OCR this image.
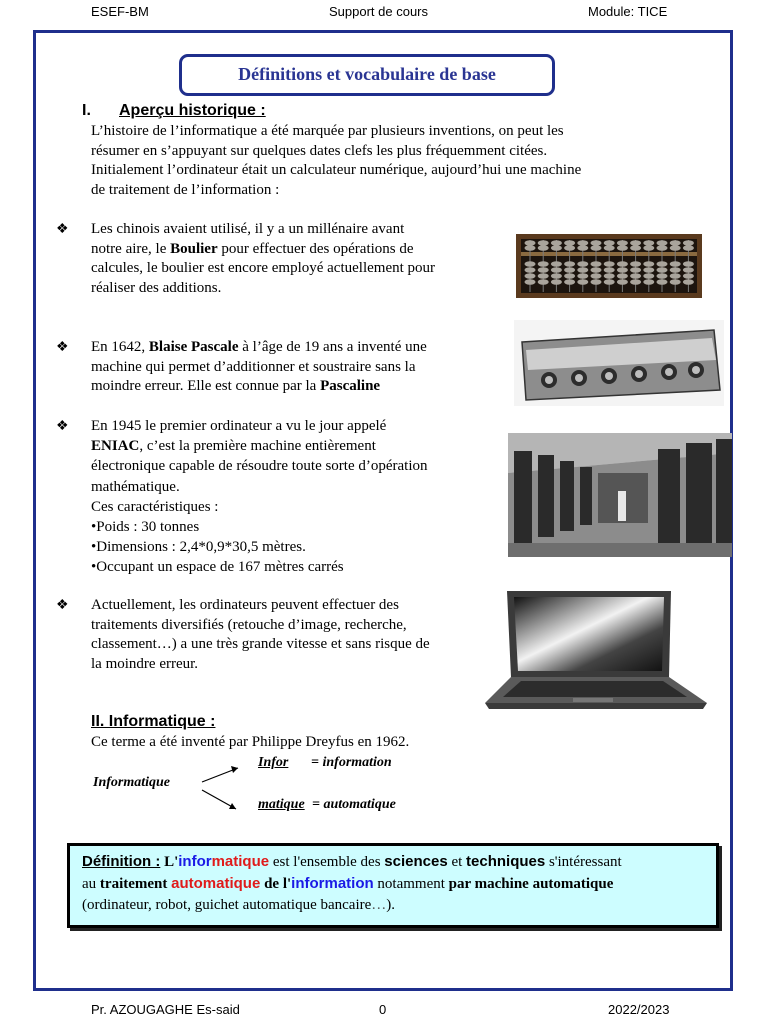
ESEF-BM	Support de cours	Module: TICE
Définitions et vocabulaire de base
I. Aperçu historique :
L’histoire de l’informatique a été marquée par plusieurs inventions, on peut les
résumer en s’appuyant sur quelques dates clefs les plus fréquemment citées.
Initialement l’ordinateur était un calculateur numérique, aujourd’hui une machine
de traitement de l’information :
❖ Les chinois avaient utilisé, il y a un millénaire avant
notre aire, le Boulier pour effectuer des opérations de
calcules, le boulier est encore employé actuellement pour
réaliser des additions.
❖ En 1642, Blaise Pascale à l’âge de 19 ans a inventé une
machine qui permet d’additionner et soustraire sans la
moindre erreur. Elle est connue par la Pascaline
❖ En 1945 le premier ordinateur a vu le jour appelé
ENIAC, c’est la première machine entièrement
électronique capable de résoudre toute sorte d’opération
mathématique.
Ces caractéristiques :
•Poids : 30 tonnes
•Dimensions : 2,4*0,9*30,5 mètres.
•Occupant un espace de 167 mètres carrés
❖ Actuellement, les ordinateurs peuvent effectuer des
traitements diversifiés (retouche d’image, recherche,
classement…) a une très grande vitesse et sans risque de
la moindre erreur.
II. Informatique :
Ce terme a été inventé par Philippe Dreyfus en 1962.
Informatique
Infor = information
matique = automatique
Définition : L'informatique est l'ensemble des sciences et techniques s'intéressant
au traitement automatique de l'information notamment par machine automatique
(ordinateur, robot, guichet automatique bancaire…).
Pr. AZOUGAGHE Es-said	0	2022/2023
